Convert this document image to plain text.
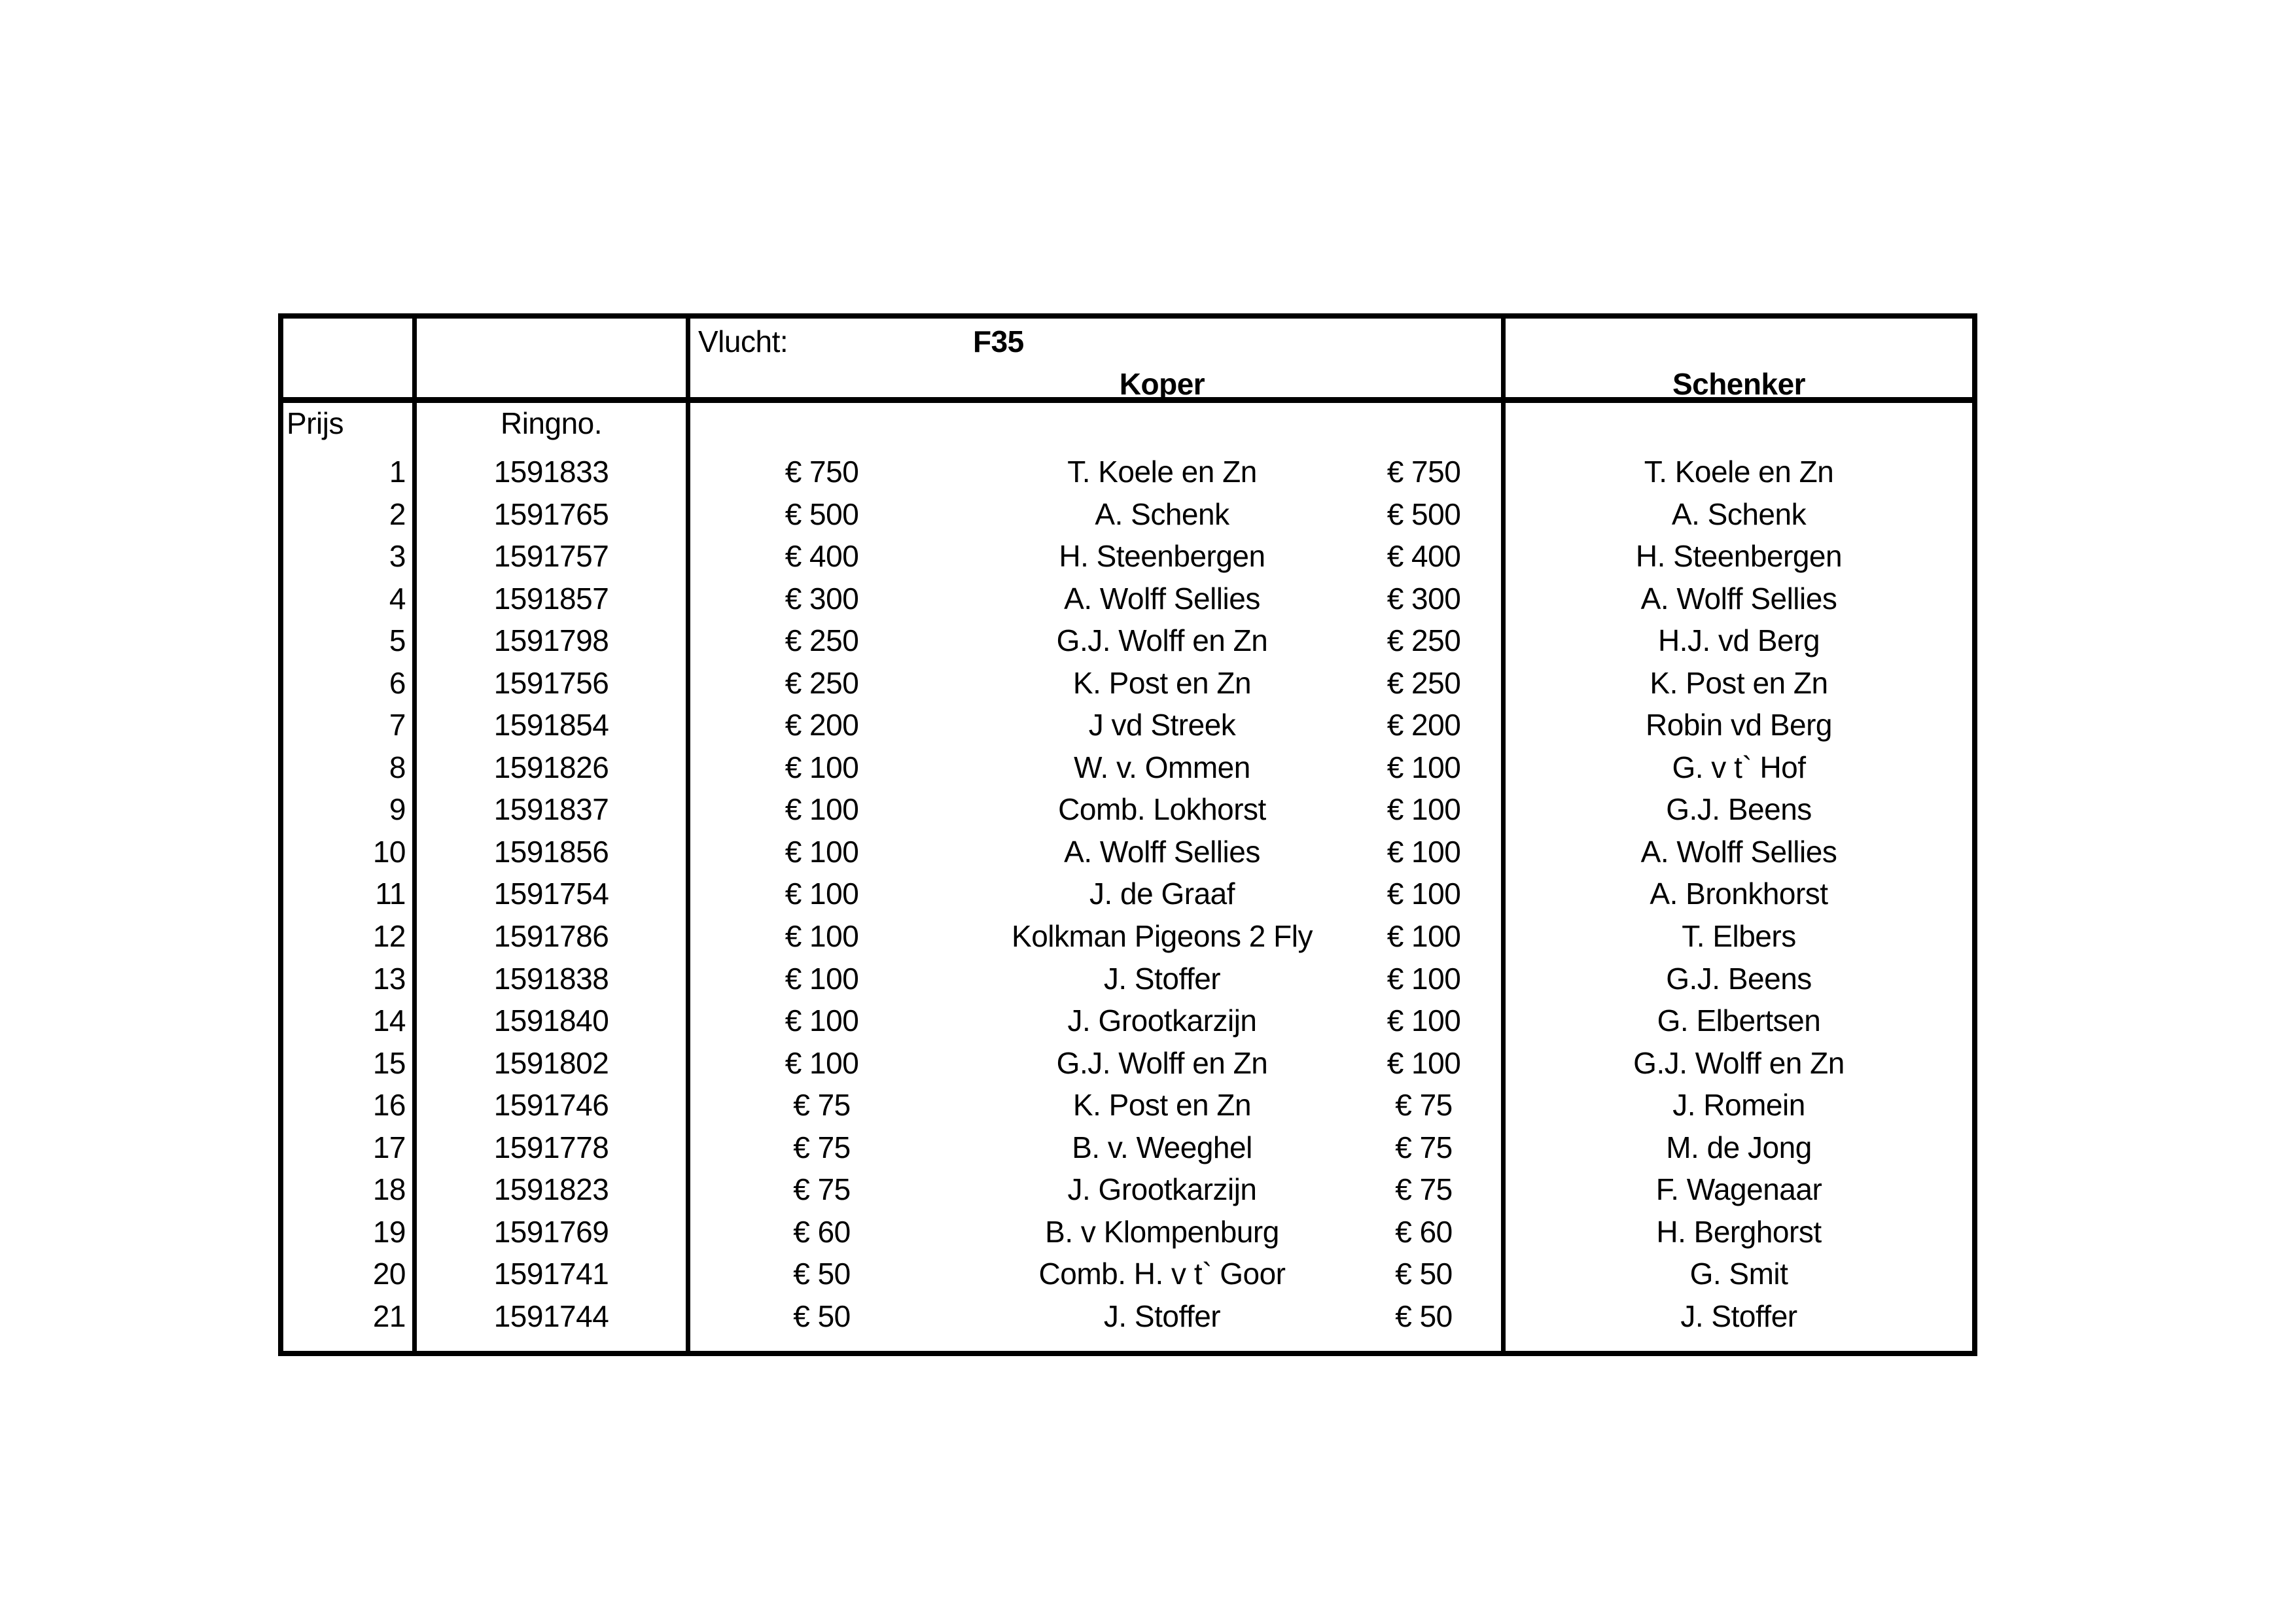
Vlucht:	F35
Koper	Schenker
Prijs	Ringno.
1	1591833	€ 750	T. Koele en Zn	€ 750	T. Koele en Zn
2	1591765	€ 500	A. Schenk	€ 500	A. Schenk
3	1591757	€ 400	H. Steenbergen	€ 400	H. Steenbergen
4	1591857	€ 300	A. Wolff Sellies	€ 300	A. Wolff Sellies
5	1591798	€ 250	G.J. Wolff en Zn	€ 250	H.J. vd Berg
6	1591756	€ 250	K. Post en Zn	€ 250	K. Post en Zn
7	1591854	€ 200	J vd Streek	€ 200	Robin vd Berg
8	1591826	€ 100	W. v. Ommen	€ 100	G. v t` Hof
9	1591837	€ 100	Comb. Lokhorst	€ 100	G.J. Beens
10	1591856	€ 100	A. Wolff Sellies	€ 100	A. Wolff Sellies
11	1591754	€ 100	J. de Graaf	€ 100	A. Bronkhorst
12	1591786	€ 100	Kolkman Pigeons 2 Fly	€ 100	T. Elbers
13	1591838	€ 100	J. Stoffer	€ 100	G.J. Beens
14	1591840	€ 100	J. Grootkarzijn	€ 100	G. Elbertsen
15	1591802	€ 100	G.J. Wolff en Zn	€ 100	G.J. Wolff en Zn
16	1591746	€ 75	K. Post en Zn	€ 75	J. Romein
17	1591778	€ 75	B. v. Weeghel	€ 75	M. de Jong
18	1591823	€ 75	J. Grootkarzijn	€ 75	F. Wagenaar
19	1591769	€ 60	B. v Klompenburg	€ 60	H. Berghorst
20	1591741	€ 50	Comb. H. v t` Goor	€ 50	G. Smit
21	1591744	€ 50	J. Stoffer	€ 50	J. Stoffer
